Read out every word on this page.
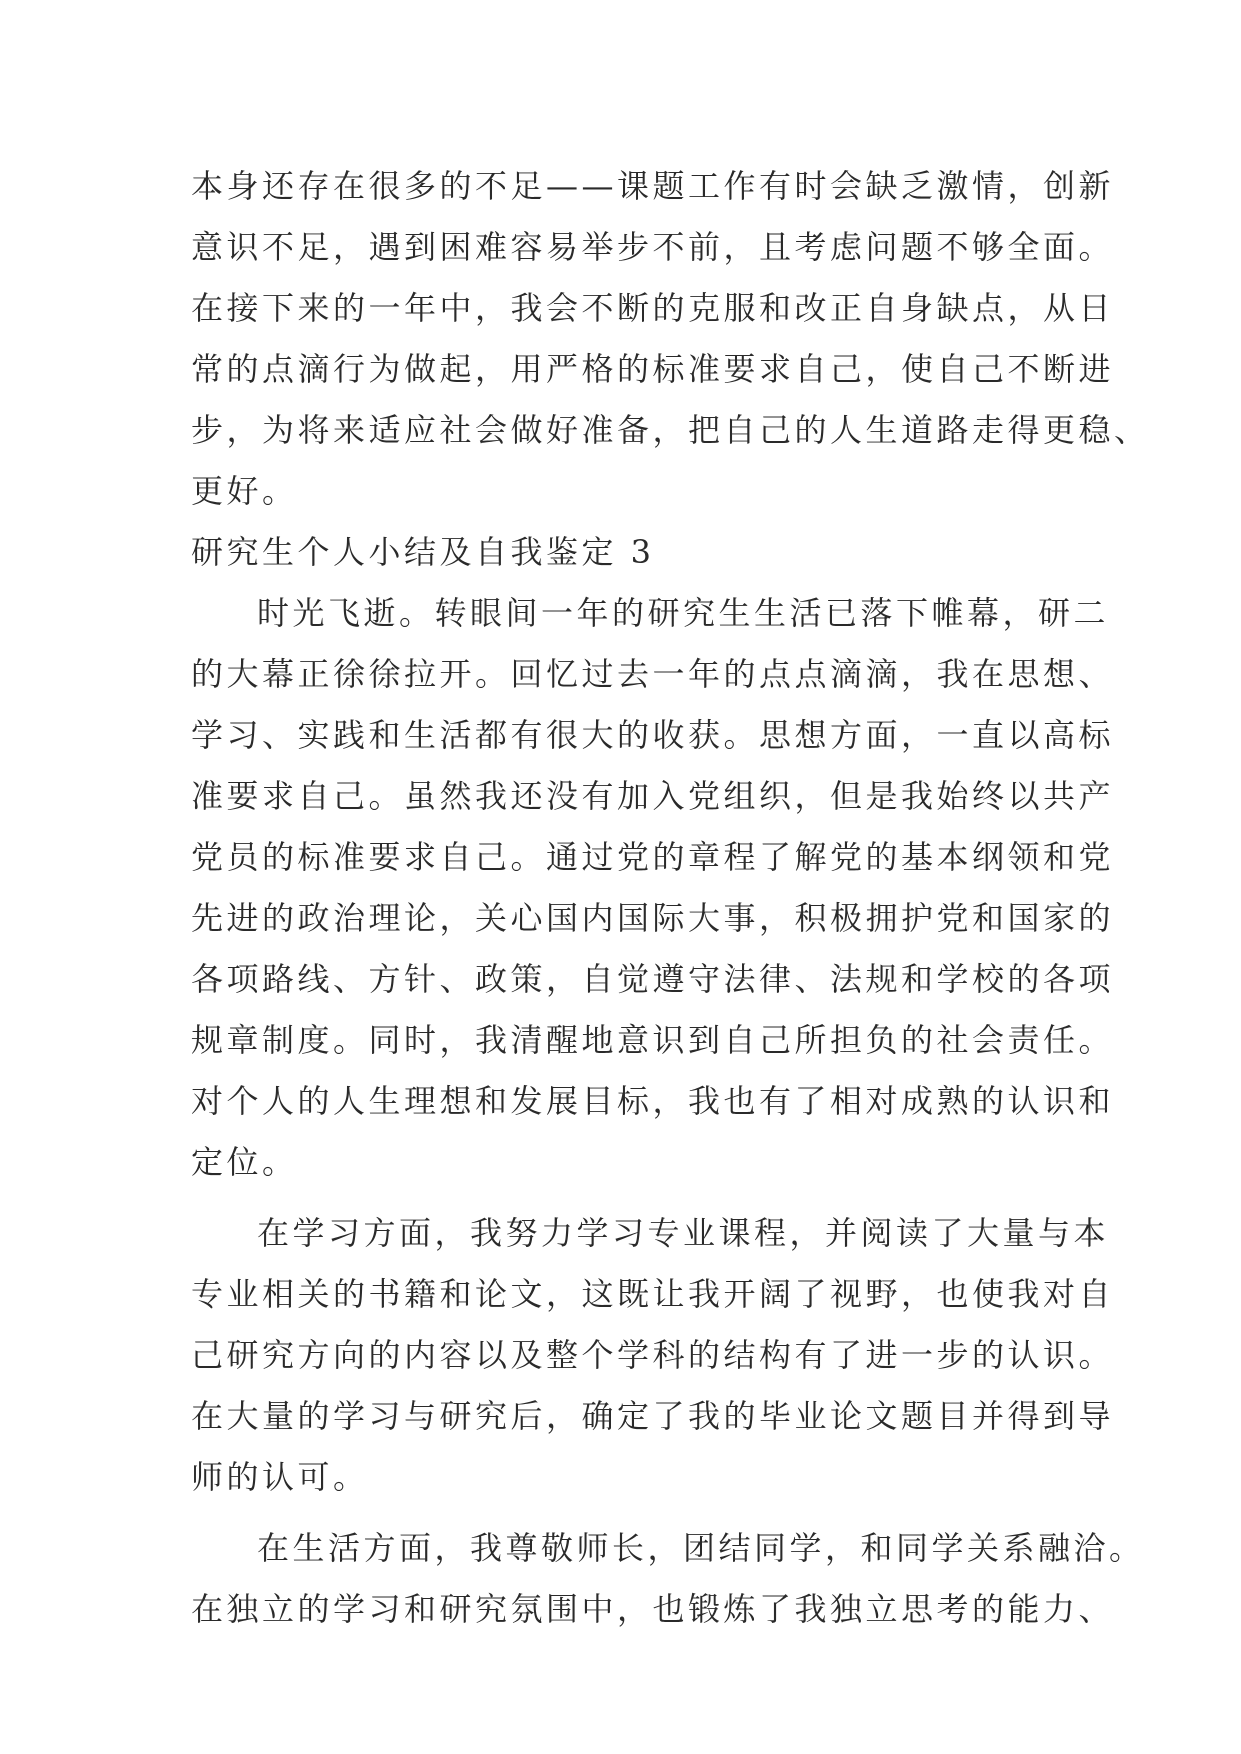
本身还存在很多的不足——课题工作有时会缺乏激情，创新
意识不足，遇到困难容易举步不前，且考虑问题不够全面。
在接下来的一年中，我会不断的克服和改正自身缺点，从日
常的点滴行为做起，用严格的标准要求自己，使自己不断进
步，为将来适应社会做好准备，把自己的人生道路走得更稳、
更好。
研究生个人小结及自我鉴定 3
时光飞逝。转眼间一年的研究生生活已落下帷幕，研二
的大幕正徐徐拉开。回忆过去一年的点点滴滴，我在思想、
学习、实践和生活都有很大的收获。思想方面，一直以高标
准要求自己。虽然我还没有加入党组织，但是我始终以共产
党员的标准要求自己。通过党的章程了解党的基本纲领和党
先进的政治理论，关心国内国际大事，积极拥护党和国家的
各项路线、方针、政策，自觉遵守法律、法规和学校的各项
规章制度。同时，我清醒地意识到自己所担负的社会责任。
对个人的人生理想和发展目标，我也有了相对成熟的认识和
定位。
在学习方面，我努力学习专业课程，并阅读了大量与本
专业相关的书籍和论文，这既让我开阔了视野，也使我对自
己研究方向的内容以及整个学科的结构有了进一步的认识。
在大量的学习与研究后，确定了我的毕业论文题目并得到导
师的认可。
在生活方面，我尊敬师长，团结同学，和同学关系融洽。
在独立的学习和研究氛围中，也锻炼了我独立思考的能力、
